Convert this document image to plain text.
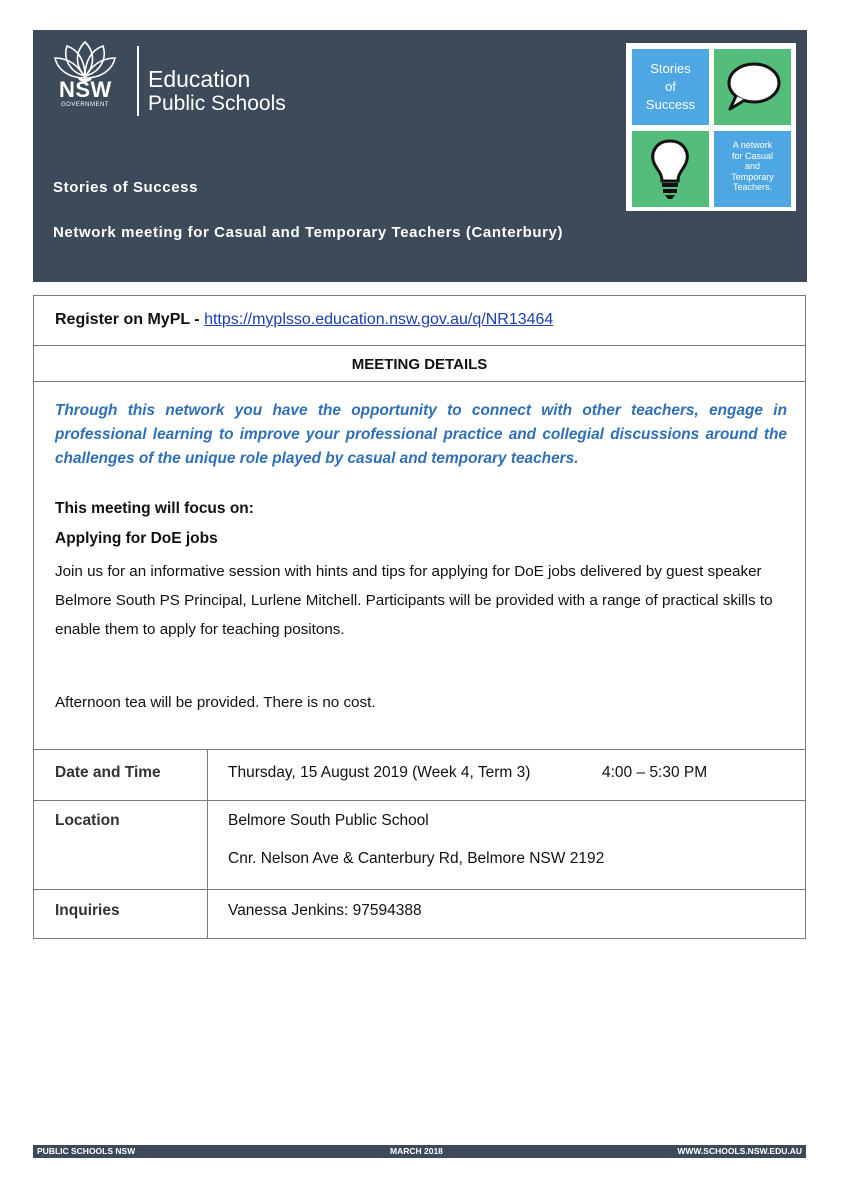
NSW
GOVERNMENT
Education
Public Schools
Stories of Success
Network meeting for Casual and Temporary Teachers (Canterbury)
Stories
of
Success
A network
for Casual
and
Temporary
Teachers.
Register on MyPL - https://myplsso.education.nsw.gov.au/q/NR13464
MEETING DETAILS
Through this network you have the opportunity to connect with other teachers, engage in professional learning to improve your professional practice and collegial discussions around the challenges of the unique role played by casual and temporary teachers.
This meeting will focus on:
Applying for DoE jobs
Join us for an informative session with hints and tips for applying for DoE jobs delivered by guest speaker Belmore South PS Principal, Lurlene Mitchell. Participants will be provided with a range of practical skills to enable them to apply for teaching positons.
Afternoon tea will be provided. There is no cost.
Date and Time	Thursday, 15 August 2019 (Week 4, Term 3)	4:00 – 5:30 PM
Location	Belmore South Public School
Cnr. Nelson Ave & Canterbury Rd, Belmore NSW 2192
Inquiries	Vanessa Jenkins: 97594388
PUBLIC SCHOOLS NSW	MARCH 2018	WWW.SCHOOLS.NSW.EDU.AU
